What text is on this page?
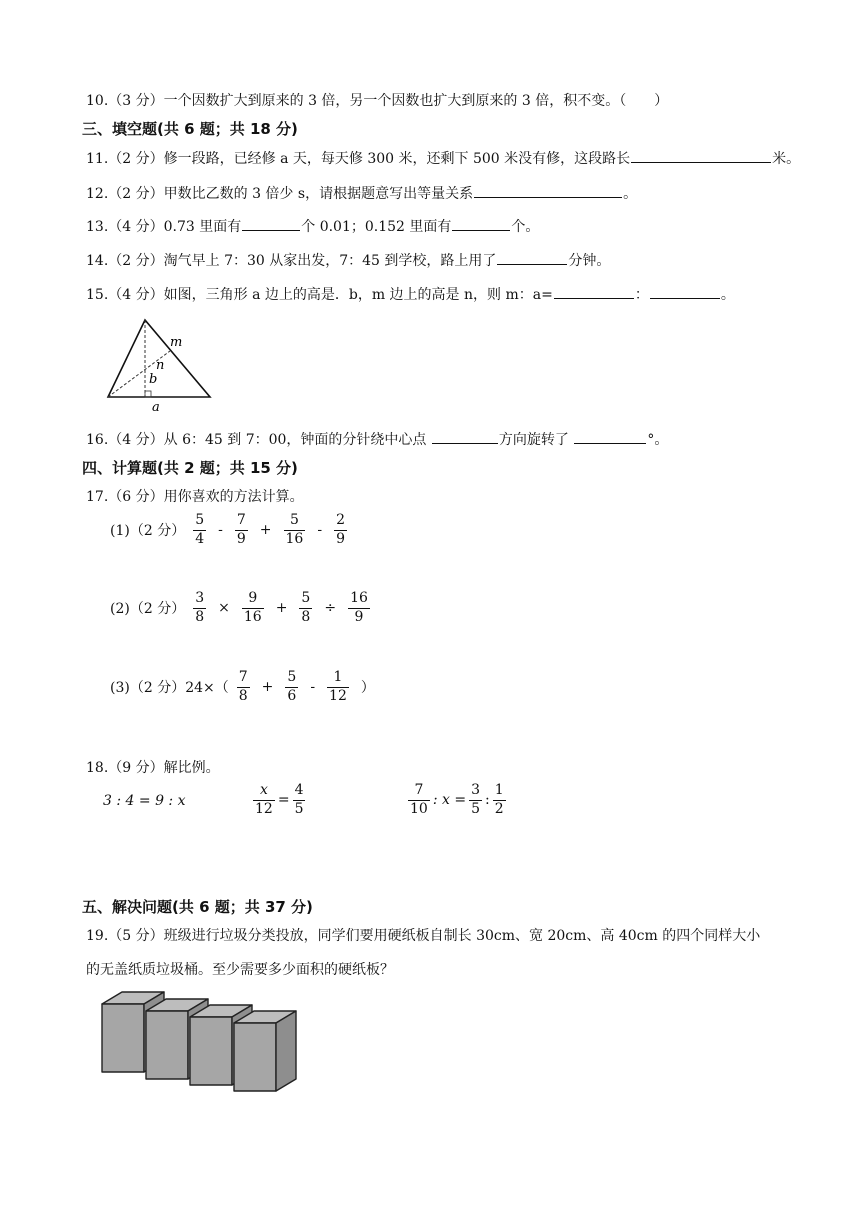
10.（3 分）一个因数扩大到原来的 3 倍，另一个因数也扩大到原来的 3 倍，积不变。（　　）
三、填空题(共 6 题；共 18 分)
11.（2 分）修一段路，已经修 a 天，每天修 300 米，还剩下 500 米没有修，这段路长	米。
12.（2 分）甲数比乙数的 3 倍少 s，请根据题意写出等量关系	。
13.（4 分）0.73 里面有	个 0.01；0.152 里面有	个。
14.（2 分）淘气早上 7：30 从家出发，7：45 到学校，路上用了	分钟。
15.（4 分）如图，三角形 a 边上的高是．b，m 边上的高是 n，则 m：a=	：	。
m
n
b
a
16.（4 分）从 6：45 到 7：00，钟面的分针绕中心点	方向旋转了	°。
四、计算题(共 2 题；共 15 分)
17.（6 分）用你喜欢的方法计算。
(1)（2 分） $\frac{5}{4} - \frac{7}{9} + \frac{5}{16} - \frac{2}{9}$
(2)（2 分） $\frac{3}{8} \times \frac{9}{16} + \frac{5}{8} \div \frac{16}{9}$
(3)（2 分）$24\times( \frac{7}{8} + \frac{5}{6} - \frac{1}{12}$ ）
18.（9 分）解比例。
3 : 4 = 9 : x	$\frac{x}{12} = \frac{4}{5}$	$\frac{7}{10}$ : $x = \frac{3}{5}$ : $\frac{1}{2}$
五、解决问题(共 6 题；共 37 分)
19.（5 分）班级进行垃圾分类投放，同学们要用硬纸板自制长 30cm、宽 20cm、高 40cm 的四个同样大小
的无盖纸质垃圾桶。至少需要多少面积的硬纸板？
